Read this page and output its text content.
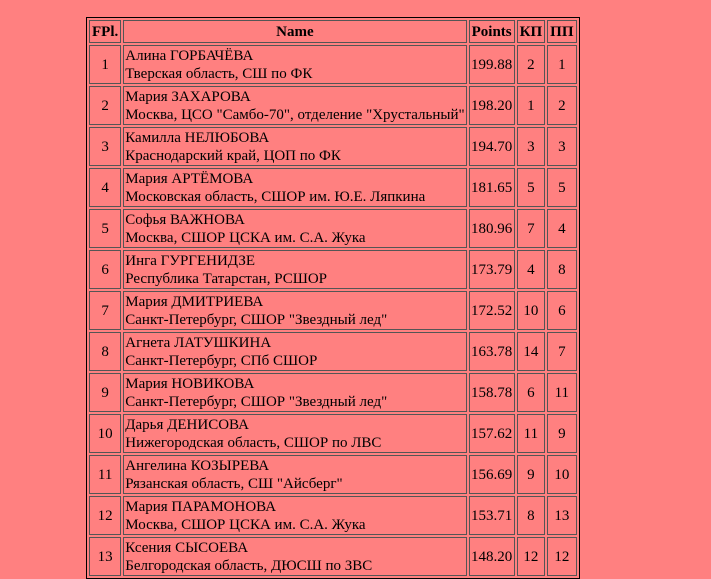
FPl.	Name	Points	КП	ПП
1	Алина ГОРБАЧЁВА
Тверская область, СШ по ФК	199.88	2	1
2	Мария ЗАХАРОВА
Москва, ЦСО "Самбо-70", отделение "Хрустальный"	198.20	1	2
3	Камилла НЕЛЮБОВА
Краснодарский край, ЦОП по ФК	194.70	3	3
4	Мария АРТЁМОВА
Московская область, СШОР им. Ю.Е. Ляпкина	181.65	5	5
5	Софья ВАЖНОВА
Москва, СШОР ЦСКА им. С.А. Жука	180.96	7	4
6	Инга ГУРГЕНИДЗЕ
Республика Татарстан, РСШОР	173.79	4	8
7	Мария ДМИТРИЕВА
Санкт-Петербург, СШОР "Звездный лед"	172.52	10	6
8	Агнета ЛАТУШКИНА
Санкт-Петербург, СПб СШОР	163.78	14	7
9	Мария НОВИКОВА
Санкт-Петербург, СШОР "Звездный лед"	158.78	6	11
10	Дарья ДЕНИСОВА
Нижегородская область, СШОР по ЛВС	157.62	11	9
11	Ангелина КОЗЫРЕВА
Рязанская область, СШ "Айсберг"	156.69	9	10
12	Мария ПАРАМОНОВА
Москва, СШОР ЦСКА им. С.А. Жука	153.71	8	13
13	Ксения СЫСОЕВА
Белгородская область, ДЮСШ по ЗВС	148.20	12	12
